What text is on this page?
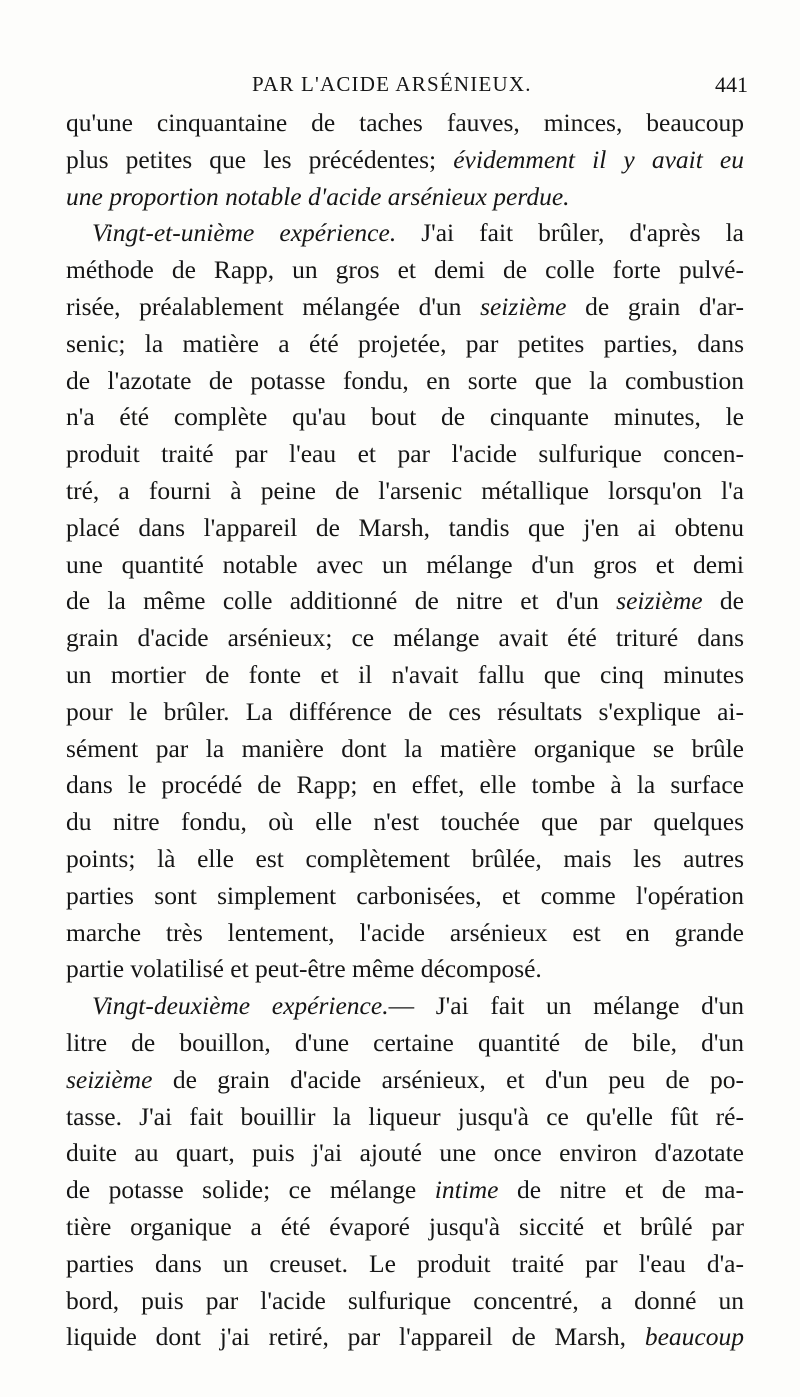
PAR L'ACIDE ARSÉNIEUX.	441
qu'une cinquantaine de taches fauves, minces, beaucoup
plus petites que les précédentes; évidemment il y avait eu
une proportion notable d'acide arsénieux perdue.
Vingt-et-unième expérience. J'ai fait brûler, d'après la
méthode de Rapp, un gros et demi de colle forte pulvé-
risée, préalablement mélangée d'un seizième de grain d'ar-
senic; la matière a été projetée, par petites parties, dans
de l'azotate de potasse fondu, en sorte que la combustion
n'a été complète qu'au bout de cinquante minutes, le
produit traité par l'eau et par l'acide sulfurique concen-
tré, a fourni à peine de l'arsenic métallique lorsqu'on l'a
placé dans l'appareil de Marsh, tandis que j'en ai obtenu
une quantité notable avec un mélange d'un gros et demi
de la même colle additionné de nitre et d'un seizième de
grain d'acide arsénieux; ce mélange avait été trituré dans
un mortier de fonte et il n'avait fallu que cinq minutes
pour le brûler. La différence de ces résultats s'explique ai-
sément par la manière dont la matière organique se brûle
dans le procédé de Rapp; en effet, elle tombe à la surface
du nitre fondu, où elle n'est touchée que par quelques
points; là elle est complètement brûlée, mais les autres
parties sont simplement carbonisées, et comme l'opération
marche très lentement, l'acide arsénieux est en grande
partie volatilisé et peut-être même décomposé.
Vingt-deuxième expérience.— J'ai fait un mélange d'un
litre de bouillon, d'une certaine quantité de bile, d'un
seizième de grain d'acide arsénieux, et d'un peu de po-
tasse. J'ai fait bouillir la liqueur jusqu'à ce qu'elle fût ré-
duite au quart, puis j'ai ajouté une once environ d'azotate
de potasse solide; ce mélange intime de nitre et de ma-
tière organique a été évaporé jusqu'à siccité et brûlé par
parties dans un creuset. Le produit traité par l'eau d'a-
bord, puis par l'acide sulfurique concentré, a donné un
liquide dont j'ai retiré, par l'appareil de Marsh, beaucoup
